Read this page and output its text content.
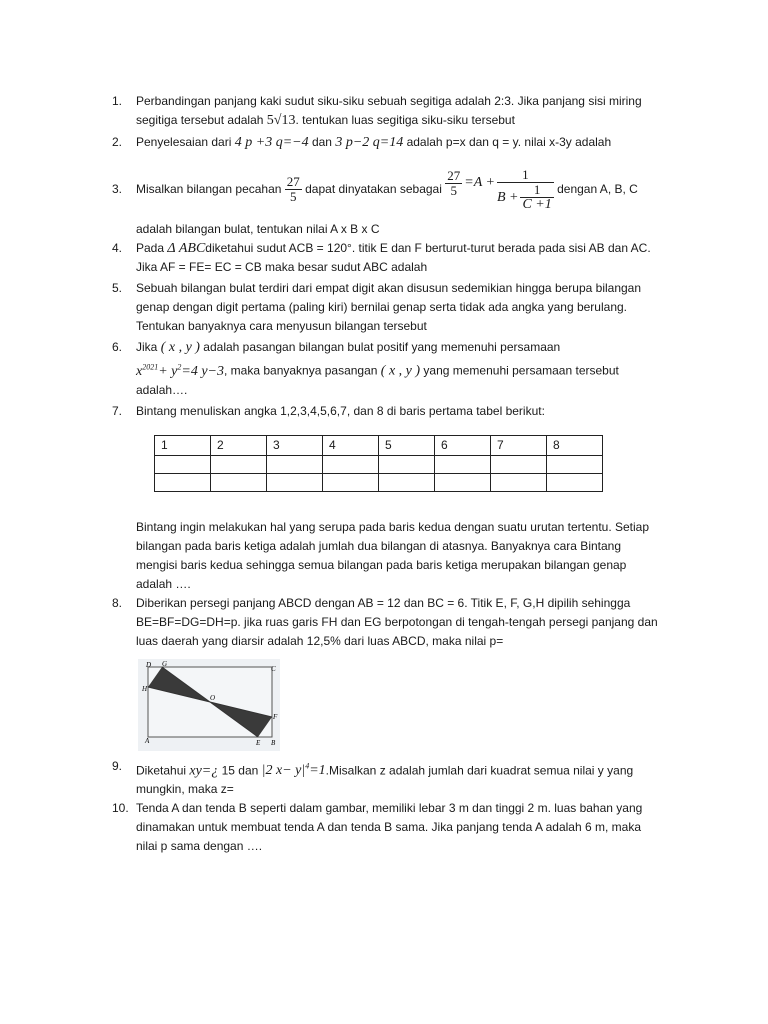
1.	Perbandingan panjang kaki sudut siku-siku sebuah segitiga adalah 2:3. Jika panjang sisi miring
segitiga tersebut adalah 5√13. tentukan luas segitiga siku-siku tersebut
2.	Penyelesaian dari 4 p +3 q=−4 dan 3 p−2 q=14 adalah p=x dan q = y. nilai x-3y adalah
3.	Misalkan bilangan pecahan
$\frac{27}{5}$
dapat dinyatakan sebagai
$\frac{27}{5} =A + \frac{1}{B + \frac{1}{C +1}}$
dengan A, B, C
adalah bilangan bulat, tentukan nilai A x B x C
4.	Pada Δ ABCdiketahui sudut ACB = 120°. titik E dan F berturut-turut berada pada sisi AB dan AC.
Jika AF = FE= EC = CB maka besar sudut ABC adalah
5.	Sebuah bilangan bulat terdiri dari empat digit akan disusun sedemikian hingga berupa bilangan
genap dengan digit pertama (paling kiri) bernilai genap serta tidak ada angka yang berulang.
Tentukan banyaknya cara menyusun bilangan tersebut
6.	Jika ( x , y ) adalah pasangan bilangan bulat positif yang memenuhi persamaan
$x^{2021}+ y^2=4$ y−3, maka banyaknya pasangan ( x , y ) yang memenuhi persamaan tersebut
adalah….
7.	Bintang menuliskan angka 1,2,3,4,5,6,7, dan 8 di baris pertama tabel berikut:
1	2	3	4	5	6	7	8

Bintang ingin melakukan hal yang serupa pada baris kedua dengan suatu urutan tertentu. Setiap
bilangan pada baris ketiga adalah jumlah dua bilangan di atasnya. Banyaknya cara Bintang
mengisi baris kedua sehingga semua bilangan pada baris ketiga merupakan bilangan genap
adalah ….
8.	Diberikan persegi panjang ABCD dengan AB = 12 dan BC = 6. Titik E, F, G,H dipilih sehingga
BE=BF=DG=DH=p. jika ruas garis FH dan EG berpotongan di tengah-tengah persegi panjang dan
luas daerah yang diarsir adalah 12,5% dari luas ABCD, maka nilai p=
D G
C
H
O
F
A	E B
9.	Diketahui xy=¿ 15 dan |2 $x- y|^4=1.Misalkan$ z adalah jumlah dari kuadrat semua nilai y yang
mungkin, maka z=
10. Tenda A dan tenda B seperti dalam gambar, memiliki lebar 3 m dan tinggi 2 m. luas bahan yang
dinamakan untuk membuat tenda A dan tenda B sama. Jika panjang tenda A adalah 6 m, maka
nilai p sama dengan ….
